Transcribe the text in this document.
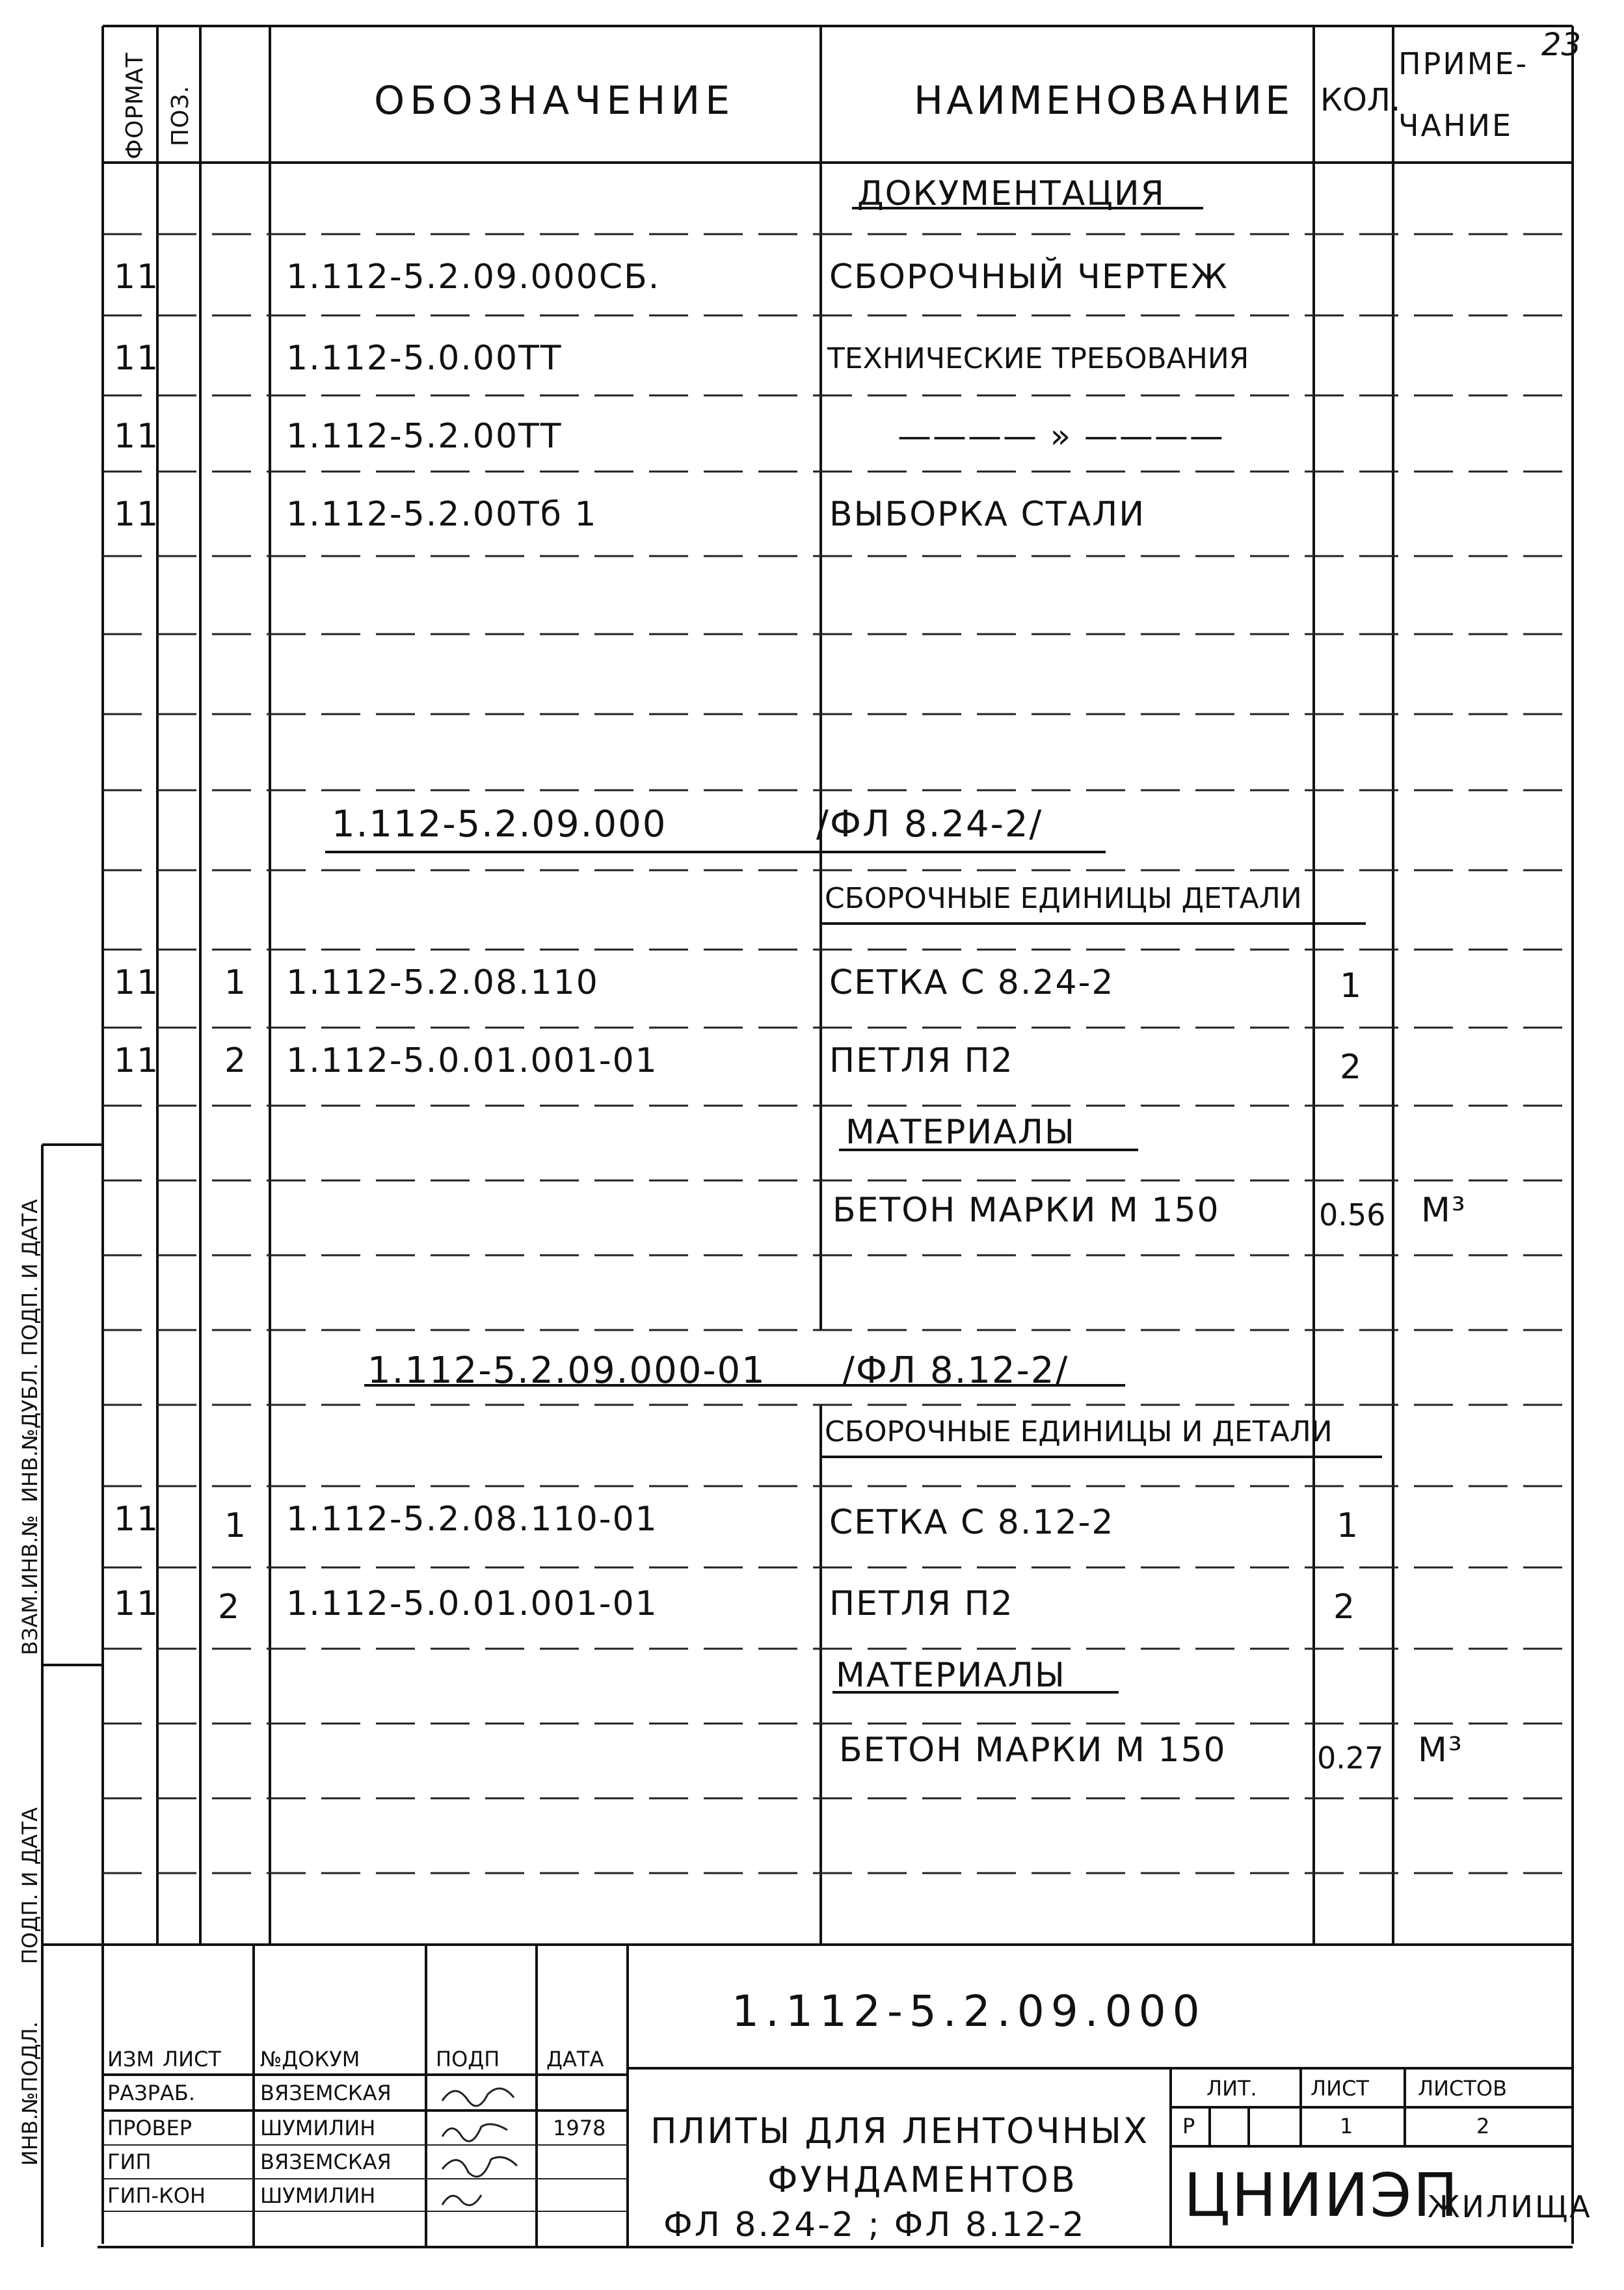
ФОРМАТ ПОЗ.	ОБОЗНАЧЕНИЕ	НАИМЕНОВАНИЕ КОЛ.
ПРИМЕ-
ЧАНИЕ
23
ДОКУМЕНТАЦИЯ
11	1.112-5.2.09.000СБ.	СБОРОЧНЫЙ ЧЕРТЕЖ
11	1.112-5.0.00ТТ	ТЕХНИЧЕСКИЕ ТРЕБОВАНИЯ
11	1.112-5.2.00ТТ	———— » ————
11	1.112-5.2.00Тб 1	ВЫБОРКА СТАЛИ
1.112-5.2.09.000	/ФЛ 8.24-2/
СБОРОЧНЫЕ ЕДИНИЦЫ ДЕТАЛИ
11 1 1.112-5.2.08.110	СЕТКА С 8.24-2	1
11 2 1.112-5.0.01.001-01	ПЕТЛЯ П2	2
МАТЕРИАЛЫ
БЕТОН МАРКИ М 150	0.56 М³
1.112-5.2.09.000-01 /ФЛ 8.12-2/
СБОРОЧНЫЕ ЕДИНИЦЫ И ДЕТАЛИ
11 1 1.112-5.2.08.110-01	СЕТКА С 8.12-2	1
11 2 1.112-5.0.01.001-01	ПЕТЛЯ П2	2
МАТЕРИАЛЫ
БЕТОН МАРКИ М 150	0.27 М³
ВЗАМ.ИНВ.№
ИНВ.№ДУБЛ.
ПОДП. И ДАТА
ПОДП. И ДАТА
ИНВ.№ПОДЛ.
1.112-5.2.09.000
ИЗМ ЛИСТ №ДОКУМ	ПОДП ДАТА
РАЗРАБ.	ВЯЗЕМСКАЯ
ПРОВЕР	ШУМИЛИН	1978
ГИП	ВЯЗЕМСКАЯ
ГИП-КОН	ШУМИЛИН
ПЛИТЫ ДЛЯ ЛЕНТОЧНЫХ
ФУНДАМЕНТОВ
ФЛ 8.24-2 ; ФЛ 8.12-2
ЛИТ.	ЛИСТ ЛИСТОВ
Р	1	2
ЦНИИЭП
ЖИЛИЩА
